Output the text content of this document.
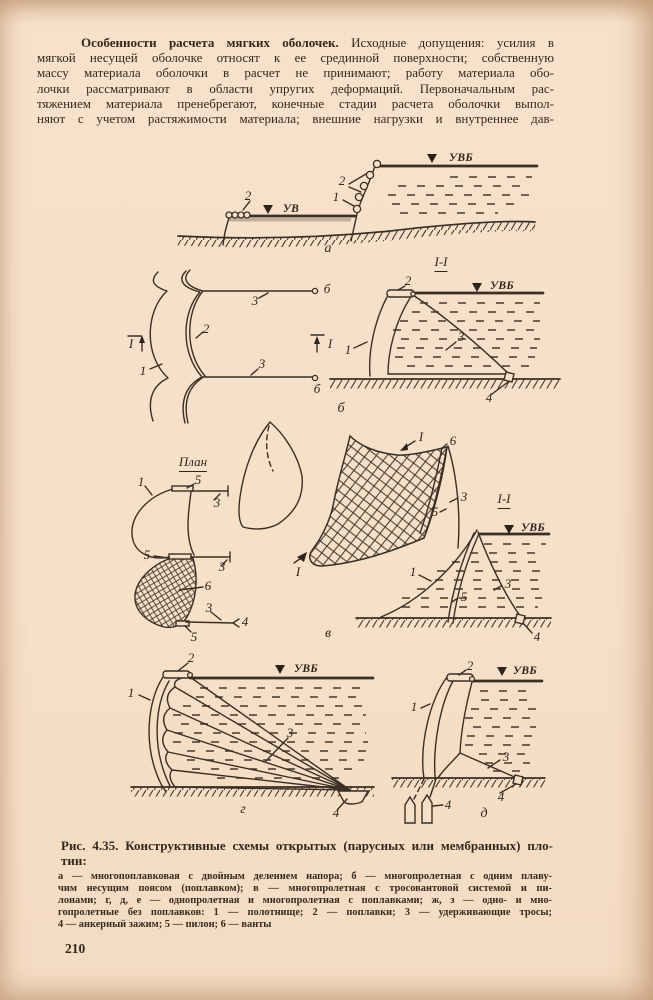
Особенности расчета мягких оболочек. Исходные допущения: усилия в
мягкой несущей оболочке относят к ее срединной поверхности; собственную
массу материала оболочки в расчет не принимают; работу материала обо-
лочки рассматривают в области упругих деформаций. Первоначальным рас-
тяжением материала пренебрегают, конечные стадии расчета оболочки выпол-
няют с учетом растяжимости материала; внешние нагрузки и внутреннее дав-
УВБ
2
1
УВ
2
а
3
б
2
I	I
1	3
б
I-I
2	УВБ
1
3
4
б
План
1	5
3
5
3
6
3
4
5
I 6
3
5
I
в
I-I
УВБ
1
5
3
4
2
УВБ
1
3
4
г
2	УВБ
1
3
4
4
д
Рис. 4.35. Конструктивные схемы открытых (парусных или мембранных) пло-
тин:
а — многопоплавковая с двойным делением напора; б — многопролетная с одним плаву-
чим несущим поясом (поплавком); в — многопролетная с тросовантовой системой и пи-
лонами; г, д, е — однопролетная и многопролетная с поплавками; ж, з — одно- и мно-
гопролетные без поплавков: 1 — полотнище; 2 — поплавки; 3 — удерживающие тросы;
4 — анкерный зажим; 5 — пилон; 6 — ванты
210
